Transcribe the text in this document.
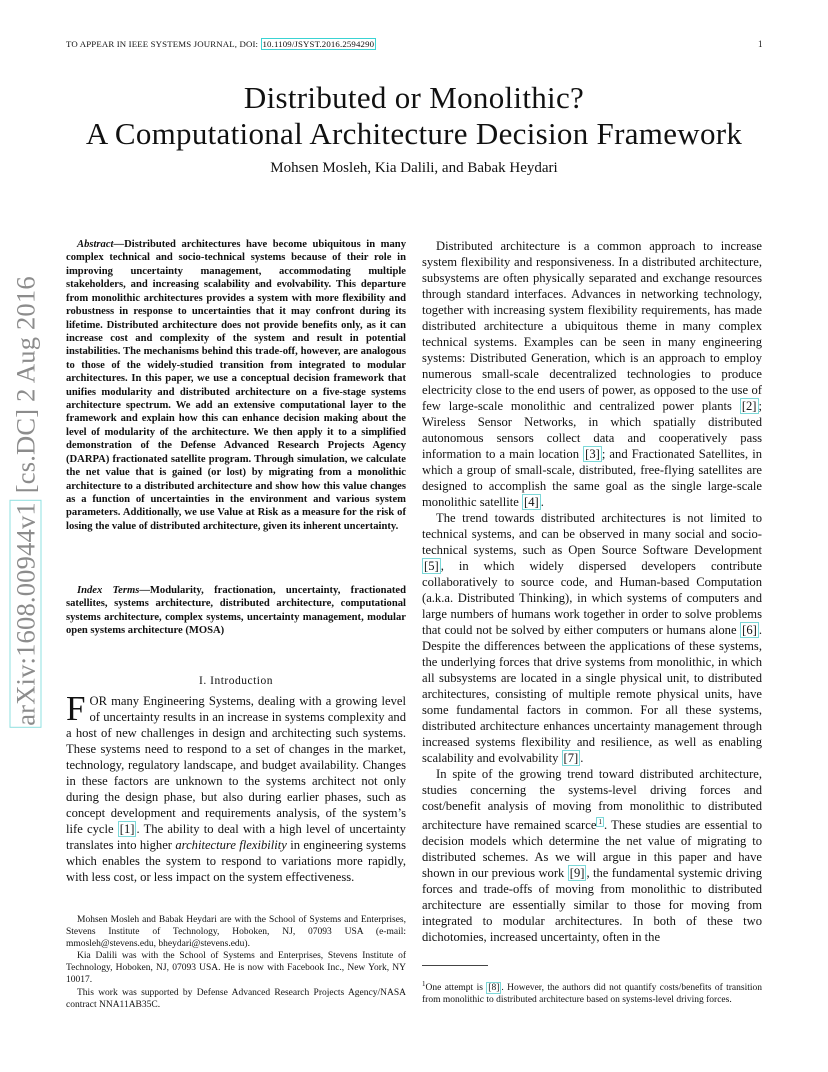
TO APPEAR IN IEEE SYSTEMS JOURNAL, DOI: 10.1109/JSYST.2016.2594290	1
arXiv:1608.00944v1 [cs.DC] 2 Aug 2016
Distributed or Monolithic?
A Computational Architecture Decision Framework
Mohsen Mosleh, Kia Dalili, and Babak Heydari

Abstract—Distributed architectures have become ubiquitous in many complex technical and socio-technical systems because of their role in improving uncertainty management, accommodating multiple stakeholders, and increasing scalability and evolvability. This departure from monolithic architectures provides a system with more flexibility and robustness in response to uncertainties that it may confront during its lifetime. Distributed architecture does not provide benefits only, as it can increase cost and complexity of the system and result in potential instabilities. The mechanisms behind this trade-off, however, are analogous to those of the widely-studied transition from integrated to modular architectures. In this paper, we use a conceptual decision framework that unifies modularity and distributed architecture on a five-stage systems architecture spectrum. We add an extensive computational layer to the framework and explain how this can enhance decision making about the level of modularity of the architecture. We then apply it to a simplified demonstration of the Defense Advanced Research Projects Agency (DARPA) fractionated satellite program. Through simulation, we calculate the net value that is gained (or lost) by migrating from a monolithic architecture to a distributed architecture and show how this value changes as a function of uncertainties in the environment and various system parameters. Additionally, we use Value at Risk as a measure for the risk of losing the value of distributed architecture, given its inherent uncertainty.

Index Terms—Modularity, fractionation, uncertainty, fractionated satellites, systems architecture, distributed architecture, computational systems architecture, complex systems, uncertainty management, modular open systems architecture (MOSA)

I. Introduction
FOR many Engineering Systems, dealing with a growing level of uncertainty results in an increase in systems complexity and a host of new challenges in design and architecting such systems. These systems need to respond to a set of changes in the market, technology, regulatory landscape, and budget availability. Changes in these factors are unknown to the systems architect not only during the design phase, but also during earlier phases, such as concept development and requirements analysis, of the system’s life cycle [1] . The ability to deal with a high level of uncertainty translates into higher architecture flexibility in engineering systems which enables the system to respond to variations more rapidly, with less cost, or less impact on the system effectiveness.

Mohsen Mosleh and Babak Heydari are with the School of Systems and Enterprises, Stevens Institute of Technology, Hoboken, NJ, 07093 USA (e-mail: mmosleh@stevens.edu, bheydari@stevens.edu).

Kia Dalili was with the School of Systems and Enterprises, Stevens Institute of Technology, Hoboken, NJ, 07093 USA. He is now with Facebook Inc., New York, NY 10017.

This work was supported by Defense Advanced Research Projects Agency/NASA contract NNA11AB35C.

Distributed architecture is a common approach to increase system flexibility and responsiveness. In a distributed architecture, subsystems are often physically separated and exchange resources through standard interfaces. Advances in networking technology, together with increasing system flexibility requirements, has made distributed architecture a ubiquitous theme in many complex technical systems. Examples can be seen in many engineering systems: Distributed Generation, which is an approach to employ numerous small-scale decentralized technologies to produce electricity close to the end users of power, as opposed to the use of few large-scale monolithic and centralized power plants [2] ; Wireless Sensor Networks, in which spatially distributed autonomous sensors collect data and cooperatively pass information to a main location [3] ; and Fractionated Satellites, in which a group of small-scale, distributed, free-flying satellites are designed to accomplish the same goal as the single large-scale monolithic satellite [4] .

The trend towards distributed architectures is not limited to technical systems, and can be observed in many social and socio-technical systems, such as Open Source Software Development [5] , in which widely dispersed developers contribute collaboratively to source code, and Human-based Computation (a.k.a. Distributed Thinking), in which systems of computers and large numbers of humans work together in order to solve problems that could not be solved by either computers or humans alone [6] . Despite the differences between the applications of these systems, the underlying forces that drive systems from monolithic, in which all subsystems are located in a single physical unit, to distributed architectures, consisting of multiple remote physical units, have some fundamental factors in common. For all these systems, distributed architecture enhances uncertainty management through increased systems flexibility and resilience, as well as enabling scalability and evolvability [7] .

In spite of the growing trend toward distributed architecture, studies concerning the systems-level driving forces and cost/benefit analysis of moving from monolithic to distributed architecture have remained scarce $^1$ . These studies are essential to decision models which determine the net value of migrating to distributed schemes. As we will argue in this paper and have shown in our previous work [9] , the fundamental systemic driving forces and trade-offs of moving from monolithic to distributed architecture are essentially similar to those for moving from integrated to modular architectures. In both of these two dichotomies, increased uncertainty, often in the

$^1$One attempt is [8] . However, the authors did not quantify costs/benefits of transition from monolithic to distributed architecture based on systems-level driving forces.
